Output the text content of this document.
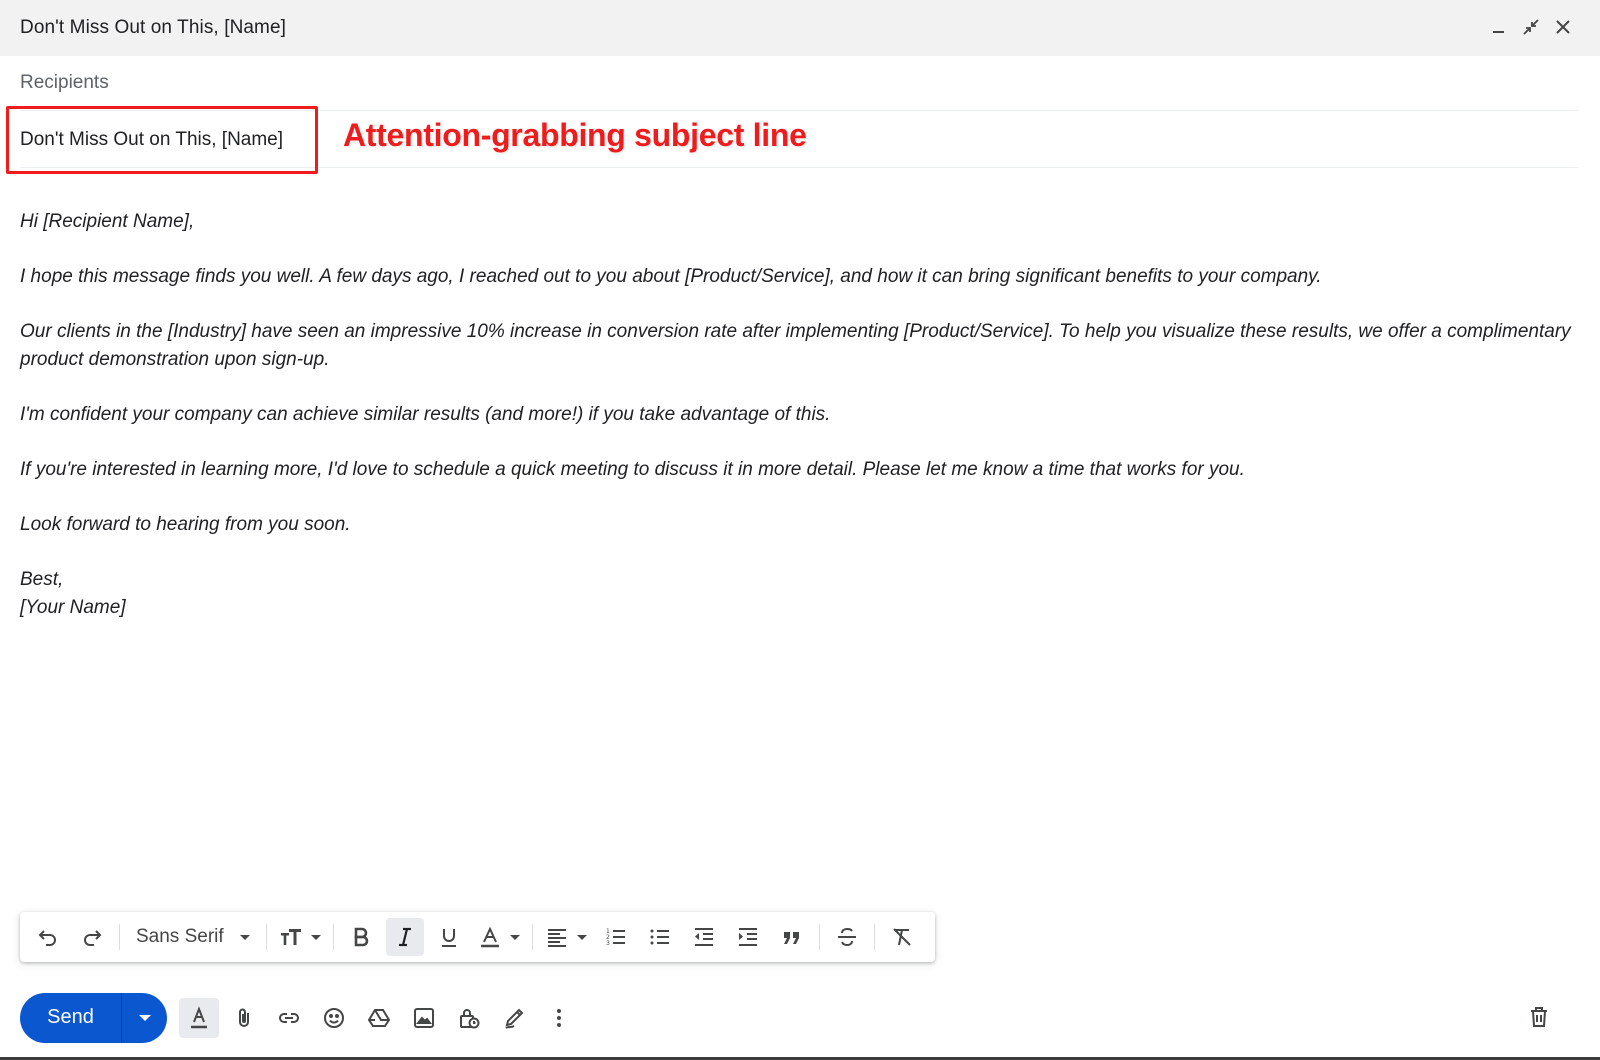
Don't Miss Out on This, [Name]
Recipients
Don't Miss Out on This, [Name] Attention-grabbing subject line

Hi [Recipient Name],

I hope this message finds you well. A few days ago, I reached out to you about [Product/Service], and how it can bring significant benefits to your company.

Our clients in the [Industry] have seen an impressive 10% increase in conversion rate after implementing [Product/Service]. To help you visualize these results, we offer a complimentary product demonstration upon sign-up.

I'm confident your company can achieve similar results (and more!) if you take advantage of this.

If you're interested in learning more, I'd love to schedule a quick meeting to discuss it in more detail. Please let me know a time that works for you.

Look forward to hearing from you soon.

Best,

[Your Name]

Sans Serif	1
2
3
Send
